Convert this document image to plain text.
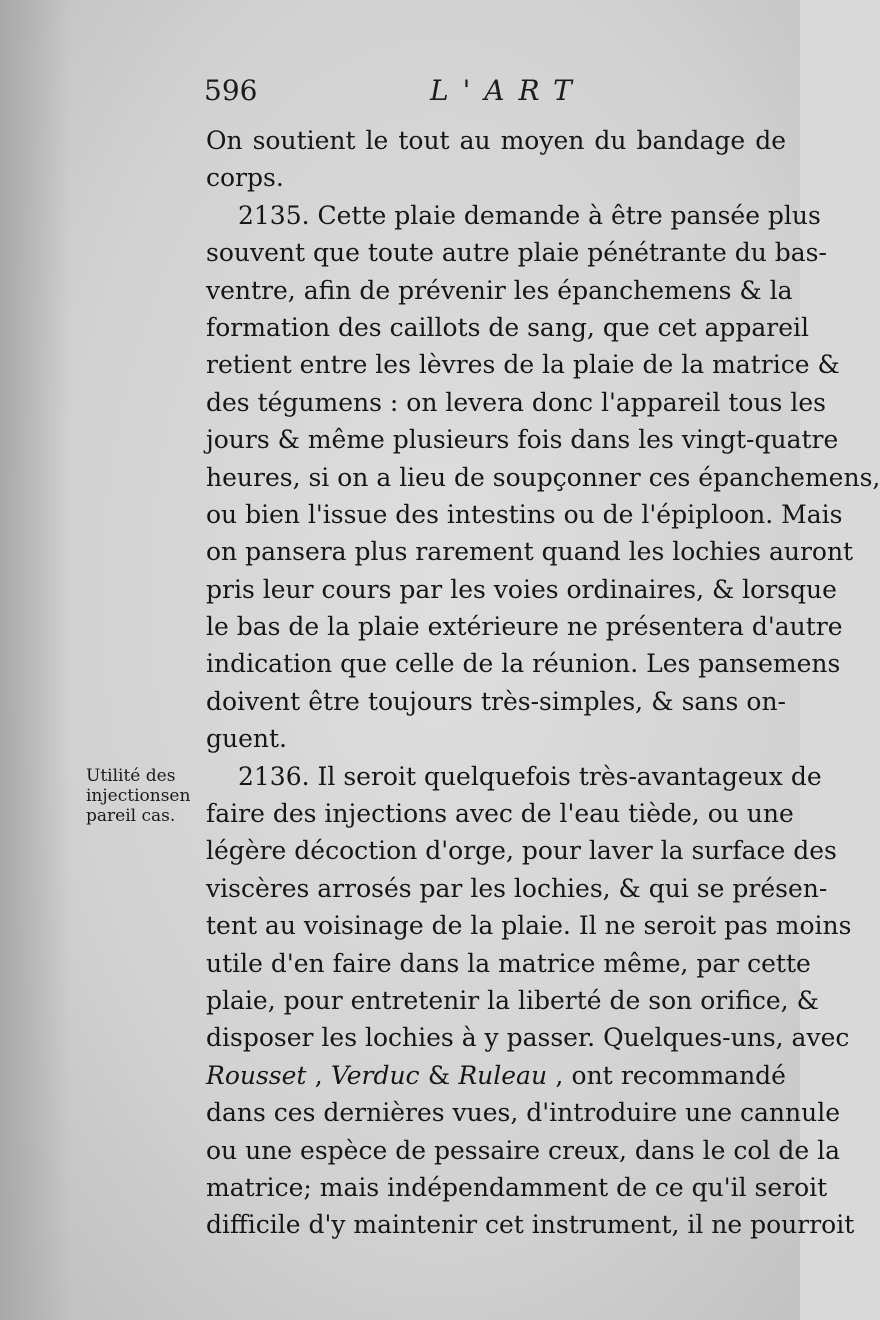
596	L'ART
Utilité des
injectionsen
pareil cas.
On soutient le tout au moyen du bandage de
corps.
2135. Cette plaie demande à être pansée plus
souvent que toute autre plaie pénétrante du bas-
ventre, afin de prévenir les épanchemens & la
formation des caillots de sang, que cet appareil
retient entre les lèvres de la plaie de la matrice &
des tégumens : on levera donc l'appareil tous les
jours & même plusieurs fois dans les vingt-quatre
heures, si on a lieu de soupçonner ces épanchemens,
ou bien l'issue des intestins ou de l'épiploon. Mais
on pansera plus rarement quand les lochies auront
pris leur cours par les voies ordinaires, & lorsque
le bas de la plaie extérieure ne présentera d'autre
indication que celle de la réunion. Les pansemens
doivent être toujours très-simples, & sans on-
guent.
2136. Il seroit quelquefois très-avantageux de
faire des injections avec de l'eau tiède, ou une
légère décoction d'orge, pour laver la surface des
viscères arrosés par les lochies, & qui se présen-
tent au voisinage de la plaie. Il ne seroit pas moins
utile d'en faire dans la matrice même, par cette
plaie, pour entretenir la liberté de son orifice, &
disposer les lochies à y passer. Quelques-uns, avec
Rousset , Verduc & Ruleau , ont recommandé
dans ces dernières vues, d'introduire une cannule
ou une espèce de pessaire creux, dans le col de la
matrice; mais indépendamment de ce qu'il seroit
difficile d'y maintenir cet instrument, il ne pourroit
